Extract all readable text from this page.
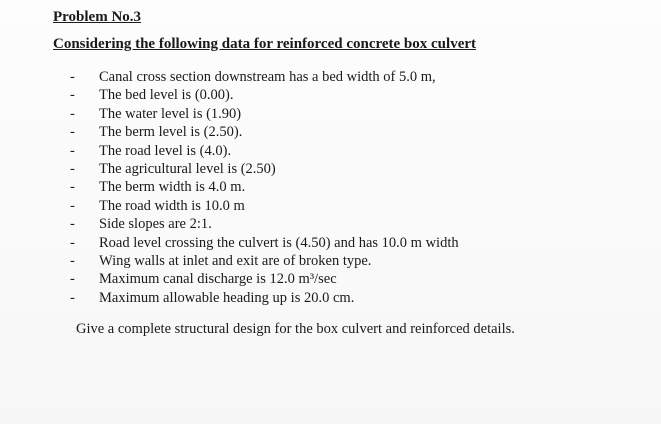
Problem No.3
Considering the following data for reinforced concrete box culvert
-	Canal cross section downstream has a bed width of 5.0 m,
-	The bed level is (0.00).
-	The water level is (1.90)
-	The berm level is (2.50).
-	The road level is (4.0).
-	The agricultural level is (2.50)
-	The berm width is 4.0 m.
-	The road width is 10.0 m
-	Side slopes are 2:1.
-	Road level crossing the culvert is (4.50) and has 10.0 m width
-	Wing walls at inlet and exit are of broken type.
-	Maximum canal discharge is 12.0 m³/sec
-	Maximum allowable heading up is 20.0 cm.
Give a complete structural design for the box culvert and reinforced details.
